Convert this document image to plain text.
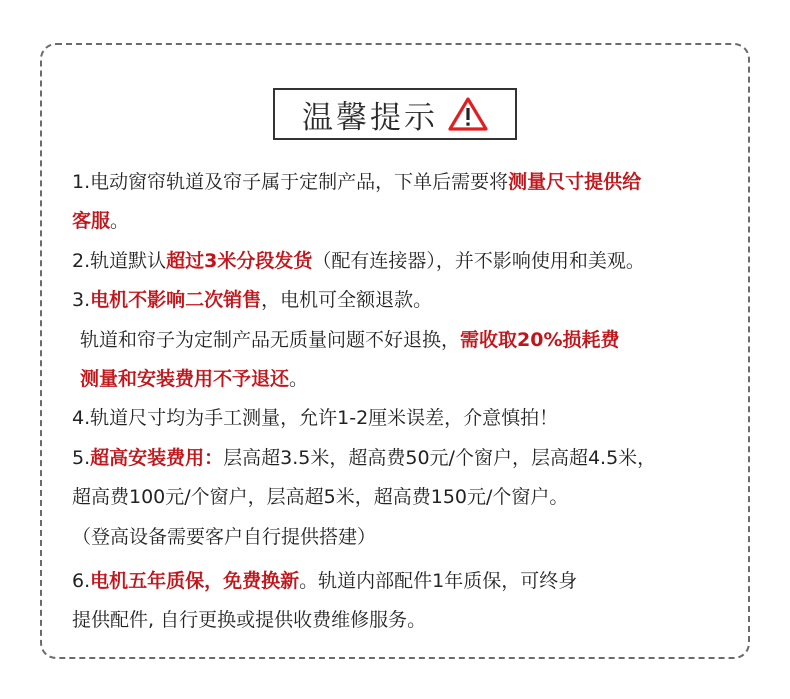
温馨提示
1.电动窗帘轨道及帘子属于定制产品，下单后需要将测量尺寸提供给
客服。
2.轨道默认超过3米分段发货（配有连接器），并不影响使用和美观。
3.电机不影响二次销售，电机可全额退款。
轨道和帘子为定制产品无质量问题不好退换，需收取20%损耗费
测量和安装费用不予退还。
4.轨道尺寸均为手工测量，允许1-2厘米误差，介意慎拍！
5.超高安装费用：层高超3.5米，超高费50元/个窗户，层高超4.5米，
超高费100元/个窗户，层高超5米，超高费150元/个窗户。
（登高设备需要客户自行提供搭建）
6.电机五年质保，免费换新。轨道内部配件1年质保，可终身
提供配件, 自行更换或提供收费维修服务。
